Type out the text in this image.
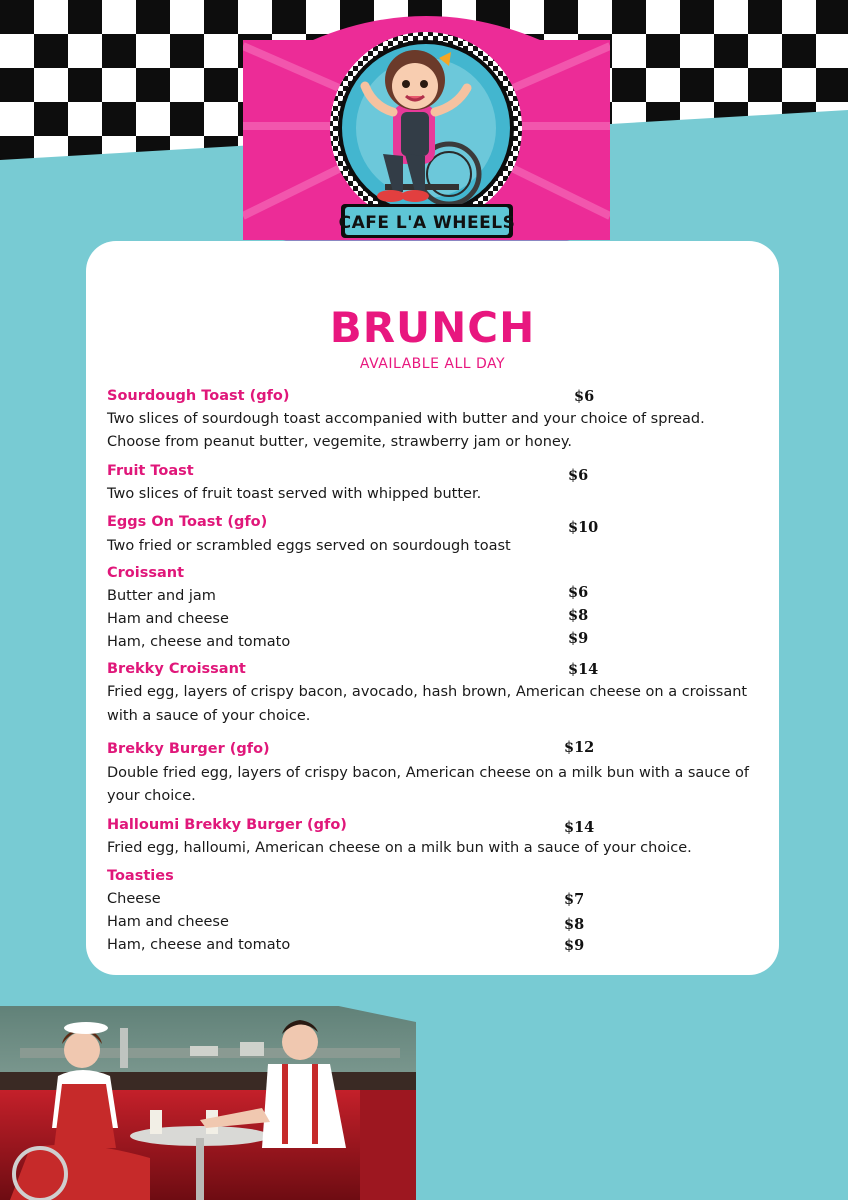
CAFE L'A WHEELS
BRUNCH
AVAILABLE ALL DAY
Sourdough Toast (gfo)	$6
Two slices of sourdough toast accompanied with butter and your choice of spread.
Choose from peanut butter, vegemite, strawberry jam or honey.
Fruit Toast	$6
Two slices of fruit toast served with whipped butter.
Eggs On Toast (gfo)	$10
Two fried or scrambled eggs served on sourdough toast
Croissant
Butter and jam	$6
Ham and cheese	$8
Ham, cheese and tomato	$9
Brekky Croissant	$14
Fried egg, layers of crispy bacon, avocado, hash brown, American cheese on a croissant
with a sauce of your choice.
Brekky Burger (gfo)	$12
Double fried egg, layers of crispy bacon, American cheese on a milk bun with a sauce of
your choice.
Halloumi Brekky Burger (gfo)	$14
Fried egg, halloumi, American cheese on a milk bun with a sauce of your choice.
Toasties
Cheese	$7
Ham and cheese	$8
Ham, cheese and tomato	$9
